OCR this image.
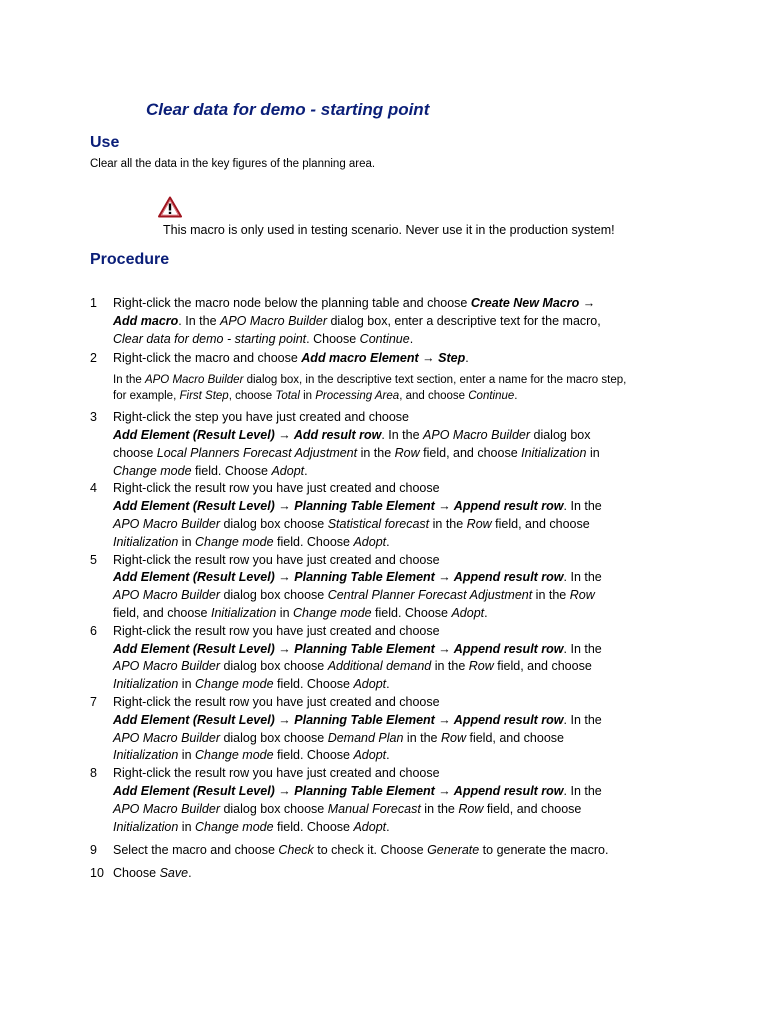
Clear data for demo - starting point
Use
Clear all the data in the key figures of the planning area.
This macro is only used in testing scenario. Never use it in the production system!
Procedure
1	Right-click the macro node below the planning table and choose Create New Macro →
Add macro. In the APO Macro Builder dialog box, enter a descriptive text for the macro,
Clear data for demo - starting point. Choose Continue.
2	Right-click the macro and choose Add macro Element → Step.
In the APO Macro Builder dialog box, in the descriptive text section, enter a name for the macro step,
for example, First Step, choose Total in Processing Area, and choose Continue.
3	Right-click the step you have just created and choose
Add Element (Result Level) → Add result row. In the APO Macro Builder dialog box
choose Local Planners Forecast Adjustment in the Row field, and choose Initialization in
Change mode field. Choose Adopt.
4	Right-click the result row you have just created and choose
Add Element (Result Level) → Planning Table Element → Append result row. In the
APO Macro Builder dialog box choose Statistical forecast in the Row field, and choose
Initialization in Change mode field. Choose Adopt.
5	Right-click the result row you have just created and choose
Add Element (Result Level) → Planning Table Element → Append result row. In the
APO Macro Builder dialog box choose Central Planner Forecast Adjustment in the Row
field, and choose Initialization in Change mode field. Choose Adopt.
6	Right-click the result row you have just created and choose
Add Element (Result Level) → Planning Table Element → Append result row. In the
APO Macro Builder dialog box choose Additional demand in the Row field, and choose
Initialization in Change mode field. Choose Adopt.
7	Right-click the result row you have just created and choose
Add Element (Result Level) → Planning Table Element → Append result row. In the
APO Macro Builder dialog box choose Demand Plan in the Row field, and choose
Initialization in Change mode field. Choose Adopt.
8	Right-click the result row you have just created and choose
Add Element (Result Level) → Planning Table Element → Append result row. In the
APO Macro Builder dialog box choose Manual Forecast in the Row field, and choose
Initialization in Change mode field. Choose Adopt.
9	Select the macro and choose Check to check it. Choose Generate to generate the macro.
10 Choose Save.
